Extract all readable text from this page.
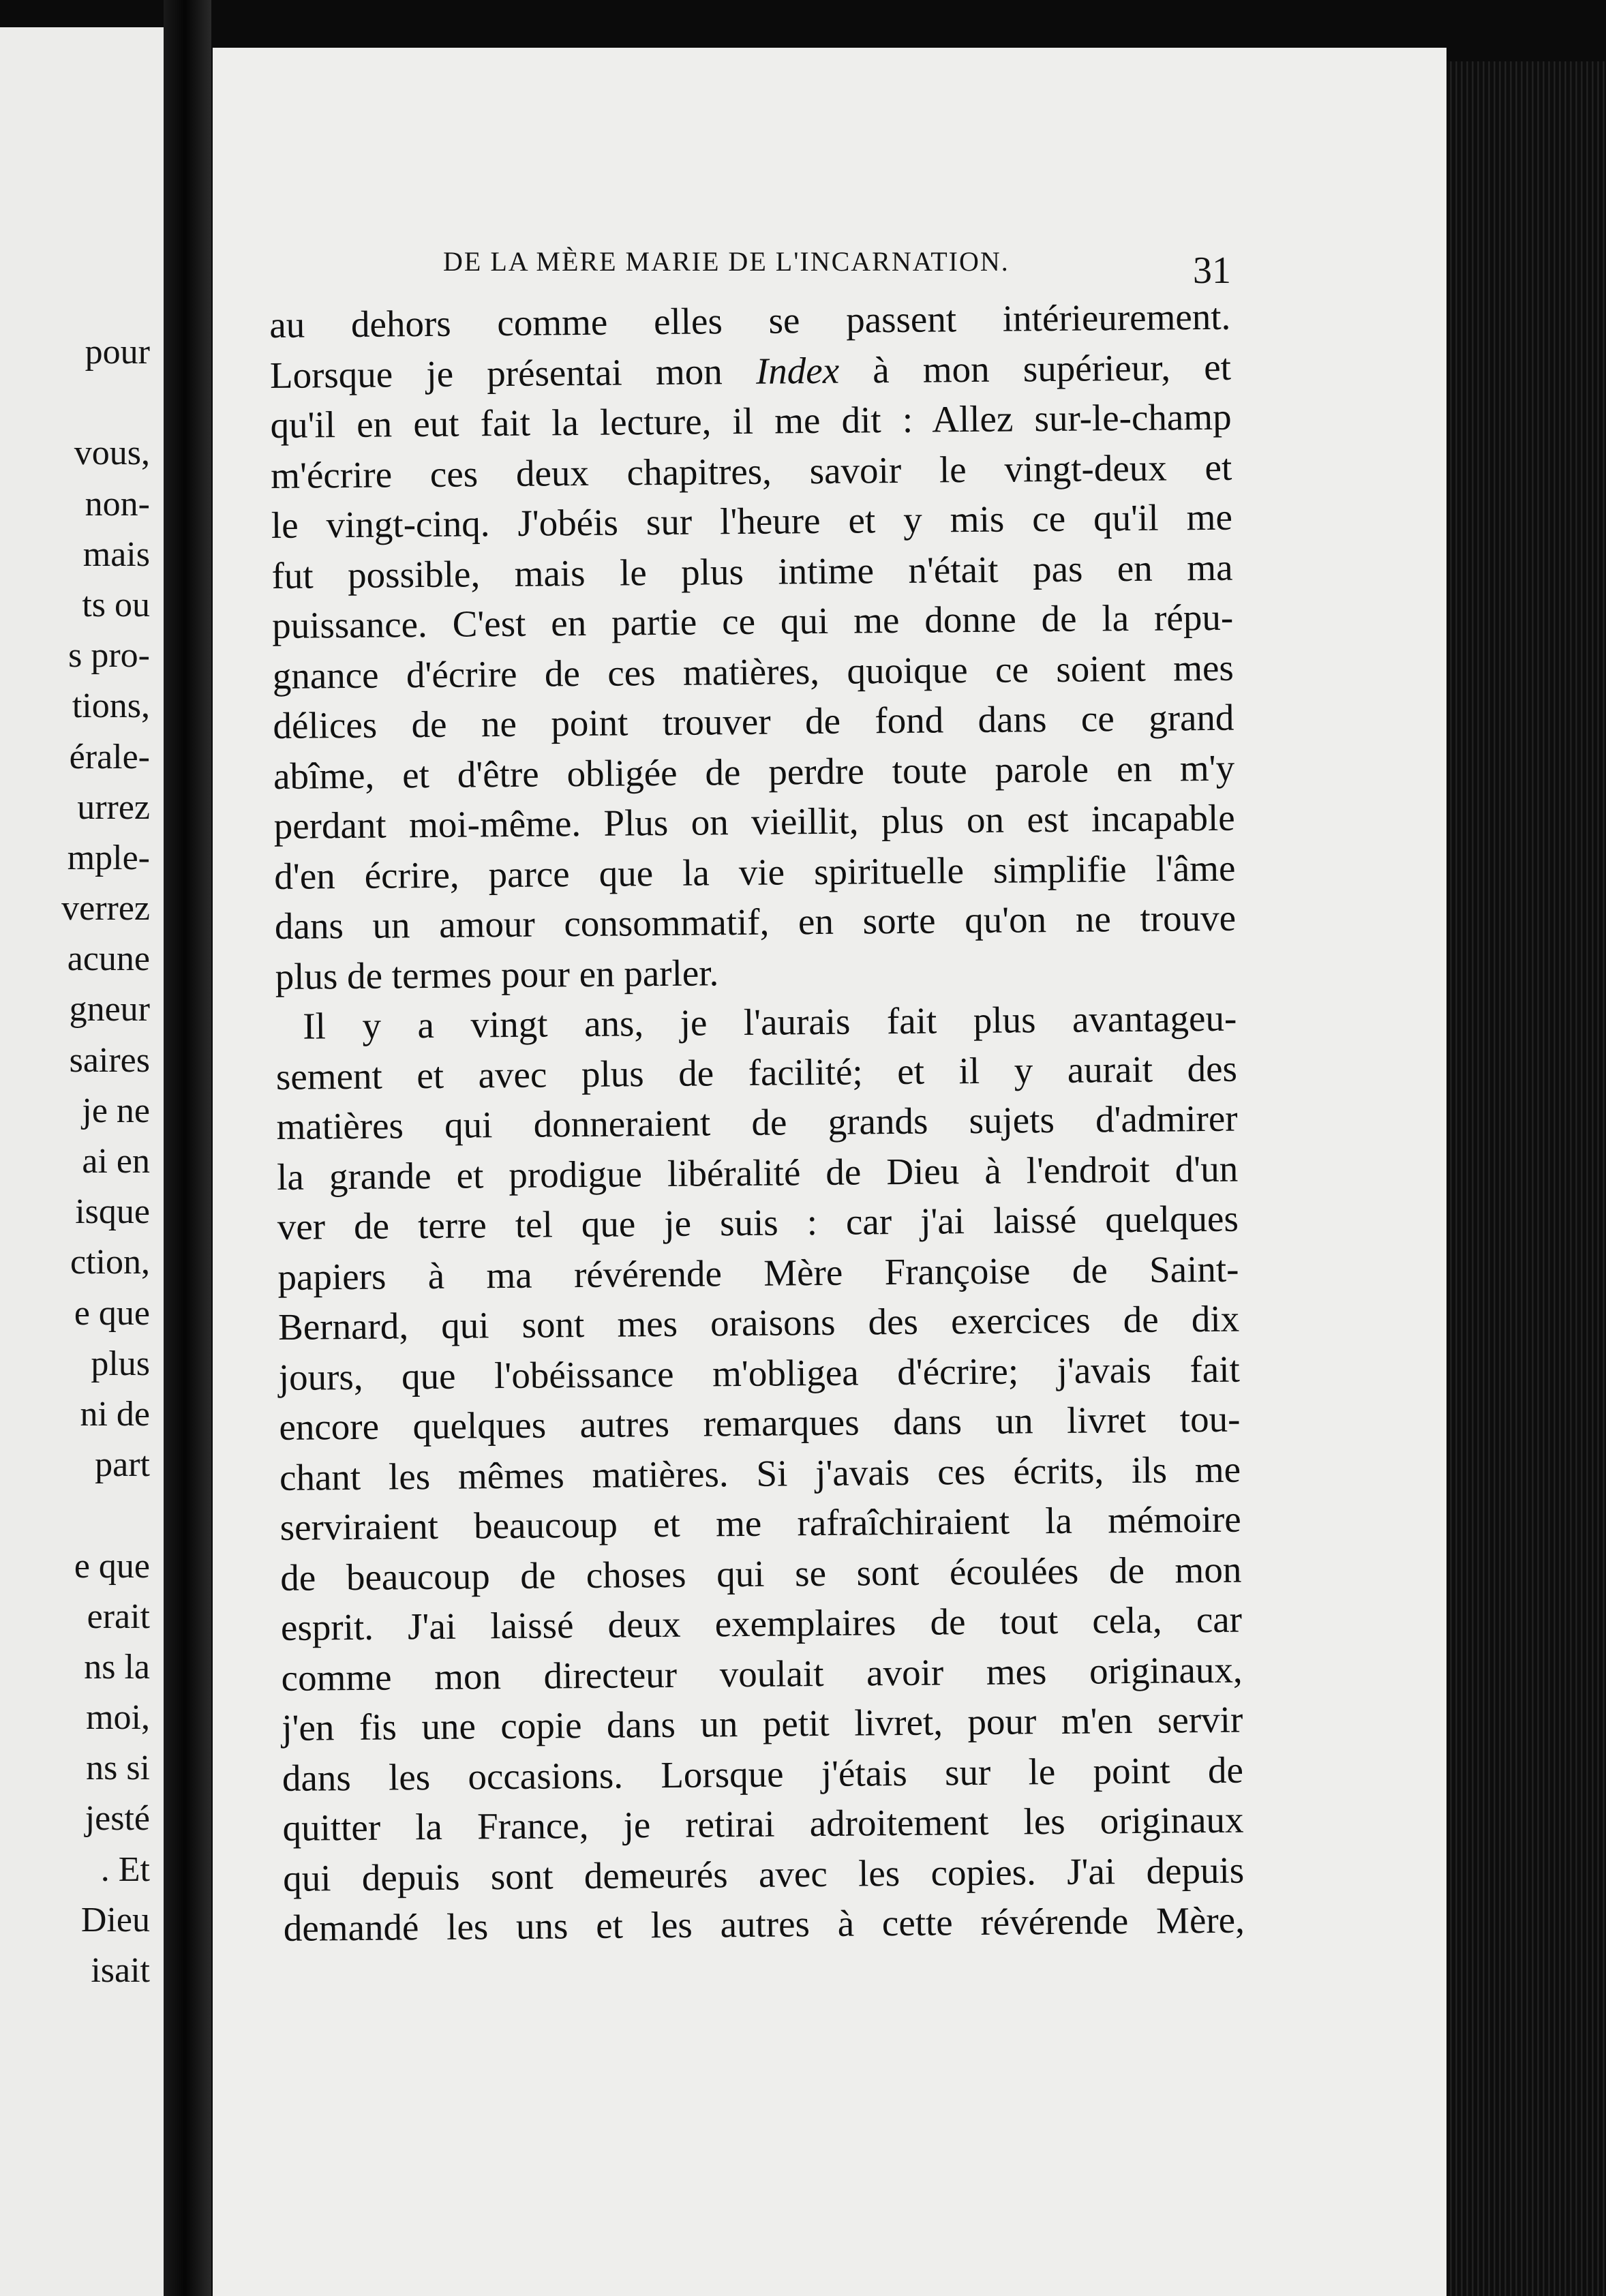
pour
vous,
non-
mais
ts ou
s pro-
tions,
érale-
urrez
mple-
verrez
acune
gneur
saires
je ne
ai en
isque
ction,
e que
plus
ni de
part
e que
erait
ns la
moi,
ns si
jesté
. Et
Dieu
isait
DE LA MÈRE MARIE DE L'INCARNATION.	31
au dehors comme elles se passent intérieurement.
Lorsque je présentai mon Index à mon supérieur, et
qu'il en eut fait la lecture, il me dit : Allez sur-le-champ
m'écrire ces deux chapitres, savoir le vingt-deux et
le vingt-cinq. J'obéis sur l'heure et y mis ce qu'il me
fut possible, mais le plus intime n'était pas en ma
puissance. C'est en partie ce qui me donne de la répu-
gnance d'écrire de ces matières, quoique ce soient mes
délices de ne point trouver de fond dans ce grand
abîme, et d'être obligée de perdre toute parole en m'y
perdant moi-même. Plus on vieillit, plus on est incapable
d'en écrire, parce que la vie spirituelle simplifie l'âme
dans un amour consommatif, en sorte qu'on ne trouve
plus de termes pour en parler.
Il y a vingt ans, je l'aurais fait plus avantageu-
sement et avec plus de facilité; et il y aurait des
matières qui donneraient de grands sujets d'admirer
la grande et prodigue libéralité de Dieu à l'endroit d'un
ver de terre tel que je suis : car j'ai laissé quelques
papiers à ma révérende Mère Françoise de Saint-
Bernard, qui sont mes oraisons des exercices de dix
jours, que l'obéissance m'obligea d'écrire; j'avais fait
encore quelques autres remarques dans un livret tou-
chant les mêmes matières. Si j'avais ces écrits, ils me
serviraient beaucoup et me rafraîchiraient la mémoire
de beaucoup de choses qui se sont écoulées de mon
esprit. J'ai laissé deux exemplaires de tout cela, car
comme mon directeur voulait avoir mes originaux,
j'en fis une copie dans un petit livret, pour m'en servir
dans les occasions. Lorsque j'étais sur le point de
quitter la France, je retirai adroitement les originaux
qui depuis sont demeurés avec les copies. J'ai depuis
demandé les uns et les autres à cette révérende Mère,
